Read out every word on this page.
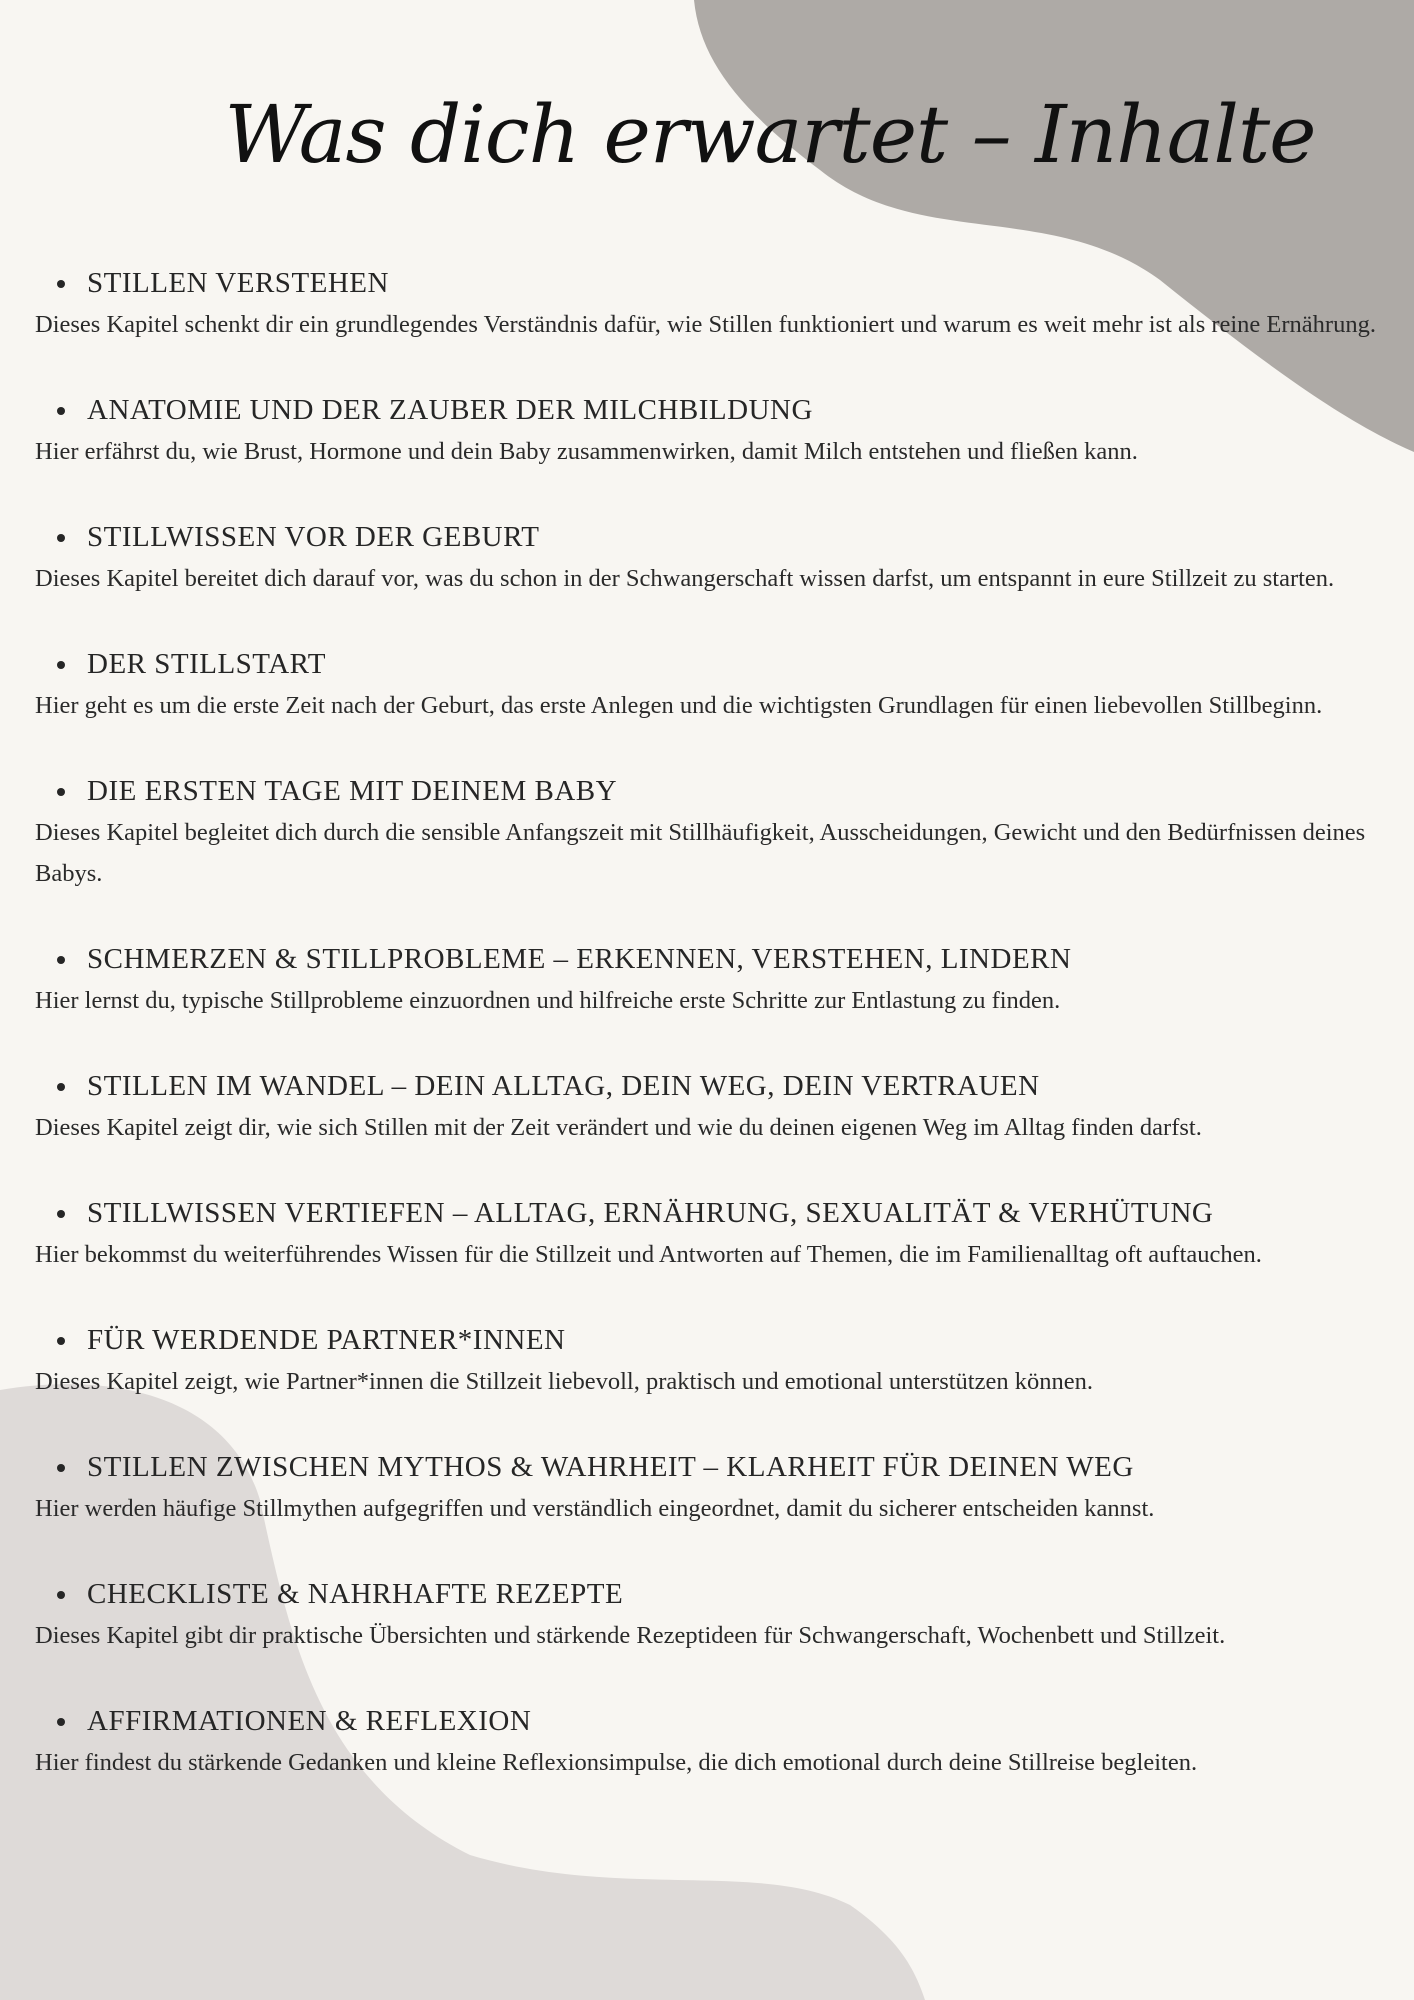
Was dich erwartet – Inhalte
STILLEN VERSTEHEN

Dieses Kapitel schenkt dir ein grundlegendes Verständnis dafür, wie Stillen funktioniert und warum es weit mehr ist als reine Ernährung.

ANATOMIE UND DER ZAUBER DER MILCHBILDUNG

Hier erfährst du, wie Brust, Hormone und dein Baby zusammenwirken, damit Milch entstehen und fließen kann.

STILLWISSEN VOR DER GEBURT

Dieses Kapitel bereitet dich darauf vor, was du schon in der Schwangerschaft wissen darfst, um entspannt in eure Stillzeit zu starten.

DER STILLSTART

Hier geht es um die erste Zeit nach der Geburt, das erste Anlegen und die wichtigsten Grundlagen für einen liebevollen Stillbeginn.

DIE ERSTEN TAGE MIT DEINEM BABY

Dieses Kapitel begleitet dich durch die sensible Anfangszeit mit Stillhäufigkeit, Ausscheidungen, Gewicht und den Bedürfnissen deines Babys.

SCHMERZEN & STILLPROBLEME – ERKENNEN, VERSTEHEN, LINDERN

Hier lernst du, typische Stillprobleme einzuordnen und hilfreiche erste Schritte zur Entlastung zu finden.

STILLEN IM WANDEL – DEIN ALLTAG, DEIN WEG, DEIN VERTRAUEN

Dieses Kapitel zeigt dir, wie sich Stillen mit der Zeit verändert und wie du deinen eigenen Weg im Alltag finden darfst.

STILLWISSEN VERTIEFEN – ALLTAG, ERNÄHRUNG, SEXUALITÄT & VERHÜTUNG

Hier bekommst du weiterführendes Wissen für die Stillzeit und Antworten auf Themen, die im Familienalltag oft auftauchen.

FÜR WERDENDE PARTNER*INNEN

Dieses Kapitel zeigt, wie Partner*innen die Stillzeit liebevoll, praktisch und emotional unterstützen können.

STILLEN ZWISCHEN MYTHOS & WAHRHEIT – KLARHEIT FÜR DEINEN WEG

Hier werden häufige Stillmythen aufgegriffen und verständlich eingeordnet, damit du sicherer entscheiden kannst.

CHECKLISTE & NAHRHAFTE REZEPTE

Dieses Kapitel gibt dir praktische Übersichten und stärkende Rezeptideen für Schwangerschaft, Wochenbett und Stillzeit.

AFFIRMATIONEN & REFLEXION

Hier findest du stärkende Gedanken und kleine Reflexionsimpulse, die dich emotional durch deine Stillreise begleiten.
